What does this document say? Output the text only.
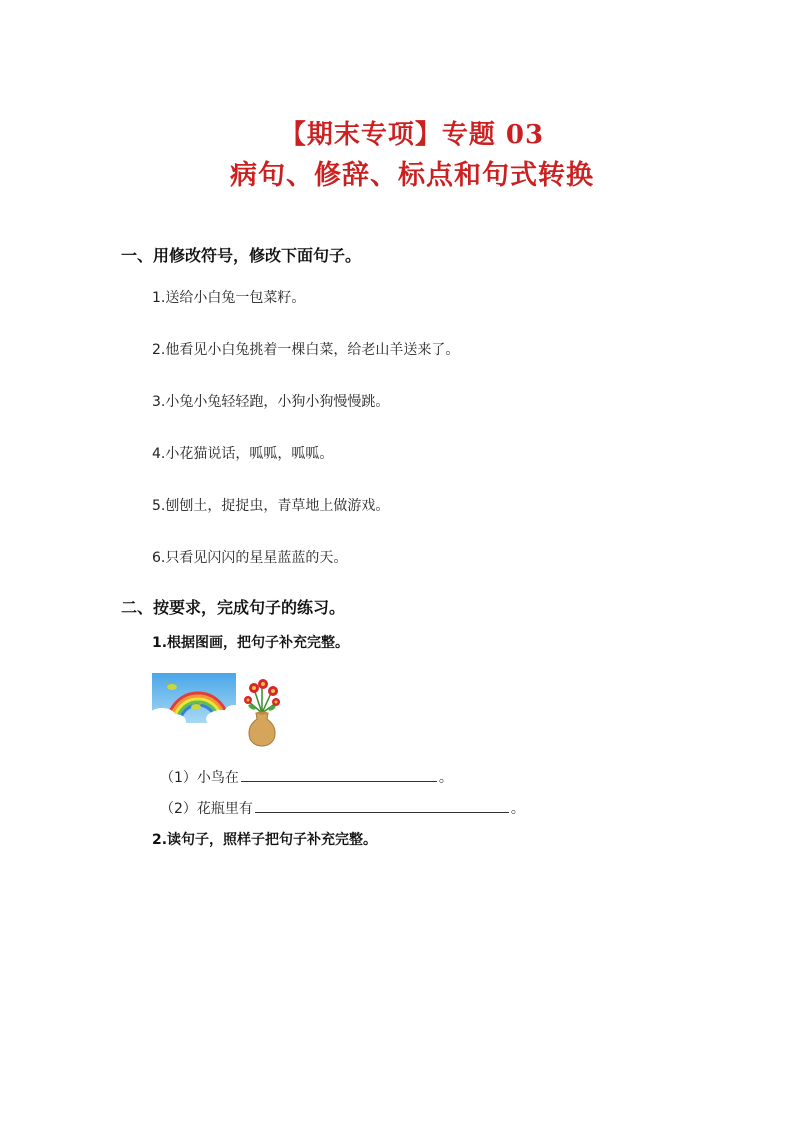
【期末专项】专题 03
病句、修辞、标点和句式转换
一、用修改符号，修改下面句子。
1.送给小白兔一包菜籽。
2.他看见小白兔挑着一棵白菜，给老山羊送来了。
3.小兔小兔轻轻跑，小狗小狗慢慢跳。
4.小花猫说话，呱呱，呱呱。
5.刨刨土，捉捉虫，青草地上做游戏。
6.只看见闪闪的星星蓝蓝的天。
二、按要求，完成句子的练习。
1.根据图画，把句子补充完整。
（1）小鸟在	。
（2）花瓶里有	。
2.读句子，照样子把句子补充完整。
